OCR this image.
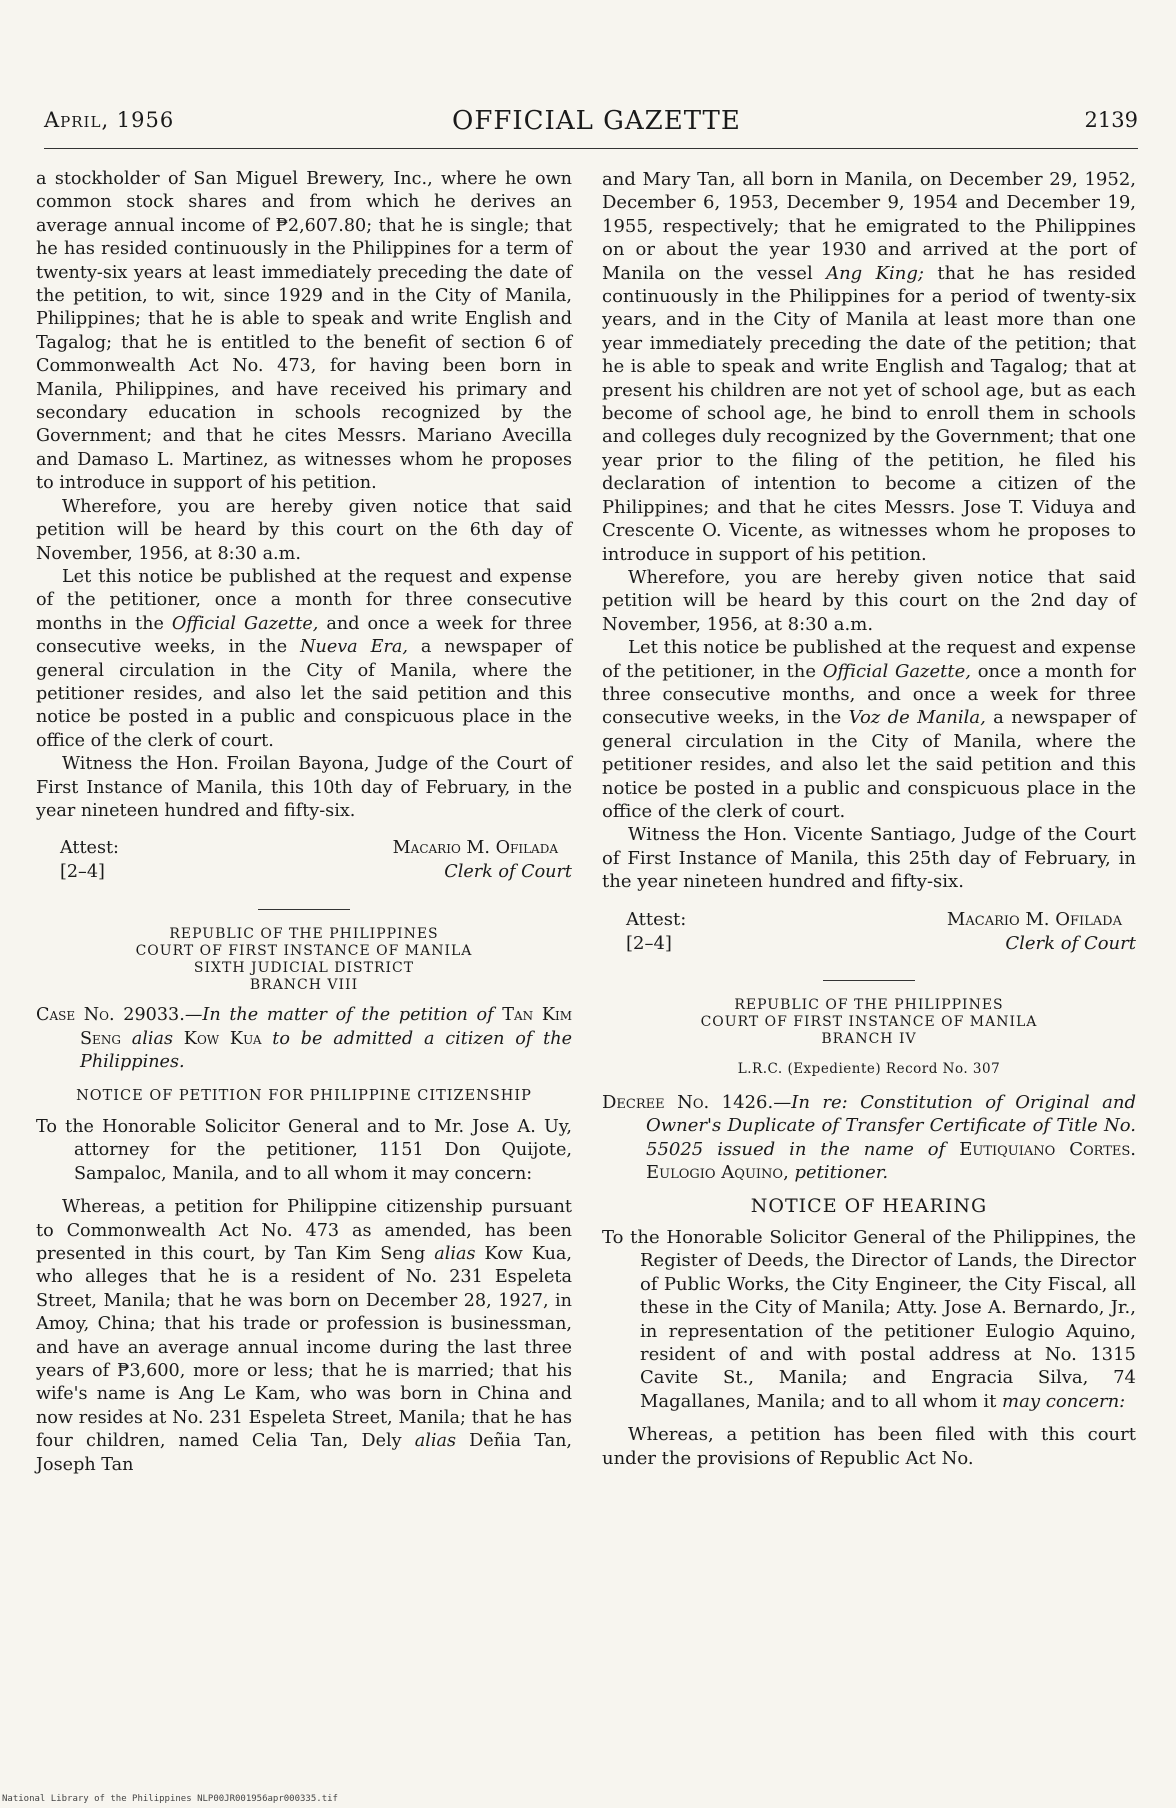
April, 1956	OFFICIAL GAZETTE	2139

a stockholder of San Miguel Brewery, Inc., where he own common stock shares and from which he derives an average annual income of ₱2,607.80; that he is single; that he has resided continuously in the Philippines for a term of twenty-six years at least immediately preceding the date of the petition, to wit, since 1929 and in the City of Manila, Philippines; that he is able to speak and write English and Tagalog; that he is entitled to the benefit of section 6 of Commonwealth Act No. 473, for having been born in Manila, Philippines, and have received his primary and secondary education in schools recognized by the Government; and that he cites Messrs. Mariano Avecilla and Damaso L. Martinez, as witnesses whom he proposes to introduce in support of his petition.

Wherefore, you are hereby given notice that said petition will be heard by this court on the 6th day of November, 1956, at 8:30 a.m.

Let this notice be published at the request and expense of the petitioner, once a month for three consecutive months in the Official Gazette, and once a week for three consecutive weeks, in the Nueva Era, a newspaper of general circulation in the City of Manila, where the petitioner resides, and also let the said petition and this notice be posted in a public and conspicuous place in the office of the clerk of court.

Witness the Hon. Froilan Bayona, Judge of the Court of First Instance of Manila, this 10th day of February, in the year nineteen hundred and fifty-six.

Attest:
[2–4]
Macario M. Ofilada
Clerk of Court
REPUBLIC OF THE PHILIPPINES
COURT OF FIRST INSTANCE OF MANILA
SIXTH JUDICIAL DISTRICT
BRANCH VIII

Case No. 29033.—In the matter of the petition of Tan Kim Seng alias Kow Kua to be admitted a citizen of the Philippines.

NOTICE OF PETITION FOR PHILIPPINE CITIZENSHIP

To the Honorable Solicitor General and to Mr. Jose A. Uy, attorney for the petitioner, 1151 Don Quijote, Sampaloc, Manila, and to all whom it may concern:

Whereas, a petition for Philippine citizenship pursuant to Commonwealth Act No. 473 as amended, has been presented in this court, by Tan Kim Seng alias Kow Kua, who alleges that he is a resident of No. 231 Espeleta Street, Manila; that he was born on December 28, 1927, in Amoy, China; that his trade or profession is businessman, and have an average annual income during the last three years of ₱3,600, more or less; that he is married; that his wife's name is Ang Le Kam, who was born in China and now resides at No. 231 Espeleta Street, Manila; that he has four children, named Celia Tan, Dely alias Deñia Tan, Joseph Tan

and Mary Tan, all born in Manila, on December 29, 1952, December 6, 1953, December 9, 1954 and December 19, 1955, respectively; that he emigrated to the Philippines on or about the year 1930 and arrived at the port of Manila on the vessel Ang King; that he has resided continuously in the Philippines for a period of twenty-six years, and in the City of Manila at least more than one year immediately preceding the date of the petition; that he is able to speak and write English and Tagalog; that at present his children are not yet of school age, but as each become of school age, he bind to enroll them in schools and colleges duly recognized by the Government; that one year prior to the filing of the petition, he filed his declaration of intention to become a citizen of the Philippines; and that he cites Messrs. Jose T. Viduya and Crescente O. Vicente, as witnesses whom he proposes to introduce in support of his petition.

Wherefore, you are hereby given notice that said petition will be heard by this court on the 2nd day of November, 1956, at 8:30 a.m.

Let this notice be published at the request and expense of the petitioner, in the Official Gazette, once a month for three consecutive months, and once a week for three consecutive weeks, in the Voz de Manila, a newspaper of general circulation in the City of Manila, where the petitioner resides, and also let the said petition and this notice be posted in a public and conspicuous place in the office of the clerk of court.

Witness the Hon. Vicente Santiago, Judge of the Court of First Instance of Manila, this 25th day of February, in the year nineteen hundred and fifty-six.

Attest:
[2–4]
Macario M. Ofilada
Clerk of Court
REPUBLIC OF THE PHILIPPINES
COURT OF FIRST INSTANCE OF MANILA
BRANCH IV
L.R.C. (Expediente) Record No. 307

Decree No. 1426.—In re: Constitution of Original and Owner's Duplicate of Transfer Certificate of Title No. 55025 issued in the name of Eutiquiano Cortes. Eulogio Aquino, petitioner.

NOTICE OF HEARING

To the Honorable Solicitor General of the Philippines, the Register of Deeds, the Director of Lands, the Director of Public Works, the City Engineer, the City Fiscal, all these in the City of Manila; Atty. Jose A. Bernardo, Jr., in representation of the petitioner Eulogio Aquino, resident of and with postal address at No. 1315 Cavite St., Manila; and Engracia Silva, 74 Magallanes, Manila; and to all whom it may concern:

Whereas, a petition has been filed with this court under the provisions of Republic Act No.

National Library of the Philippines NLP00JR001956apr000335.tif
